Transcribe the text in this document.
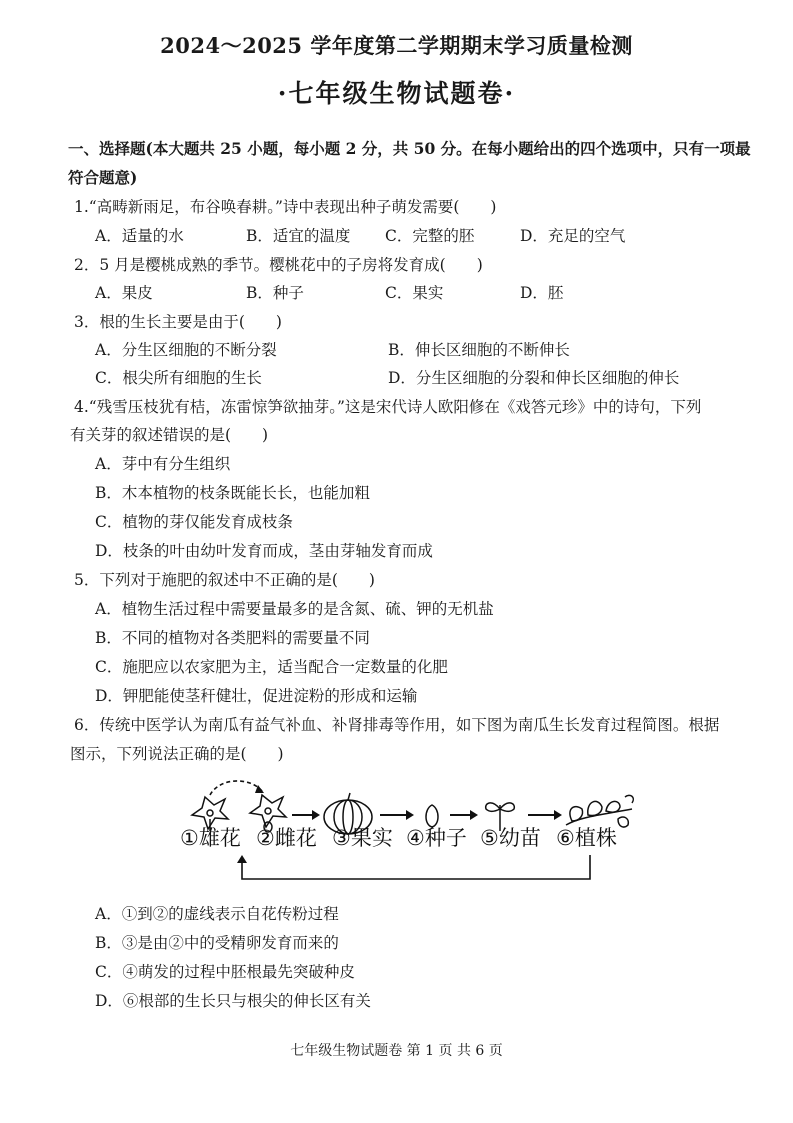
2024～2025 学年度第二学期期末学习质量检测
·七年级生物试题卷·
一、选择题(本大题共 25 小题，每小题 2 分，共 50 分。在每小题给出的四个选项中，只有一项最
符合题意)
1.“高畴新雨足，布谷唤春耕。”诗中表现出种子萌发需要(　　)
A．适量的水	B．适宜的温度 C．完整的胚	D．充足的空气
2．5 月是樱桃成熟的季节。樱桃花中的子房将发育成(　　)
A．果皮	B．种子	C．果实	D．胚
3．根的生长主要是由于(　　)
A．分生区细胞的不断分裂	B．伸长区细胞的不断伸长
C．根尖所有细胞的生长	D．分生区细胞的分裂和伸长区细胞的伸长
4.“残雪压枝犹有桔，冻雷惊笋欲抽芽。”这是宋代诗人欧阳修在《戏答元珍》中的诗句，下列
有关芽的叙述错误的是(　　)
A．芽中有分生组织
B．木本植物的枝条既能长长，也能加粗
C．植物的芽仅能发育成枝条
D．枝条的叶由幼叶发育而成，茎由芽轴发育而成
5．下列对于施肥的叙述中不正确的是(　　)
A．植物生活过程中需要量最多的是含氮、硫、钾的无机盐
B．不同的植物对各类肥料的需要量不同
C．施肥应以农家肥为主，适当配合一定数量的化肥
D．钾肥能使茎秆健壮，促进淀粉的形成和运输
6．传统中医学认为南瓜有益气补血、补肾排毒等作用，如下图为南瓜生长发育过程简图。根据
图示，下列说法正确的是(　　)
①雄花 ②雌花 ③果实 ④种子 ⑤幼苗 ⑥植株
A．①到②的虚线表示自花传粉过程
B．③是由②中的受精卵发育而来的
C．④萌发的过程中胚根最先突破种皮
D．⑥根部的生长只与根尖的伸长区有关
七年级生物试题卷 第 1 页 共 6 页
